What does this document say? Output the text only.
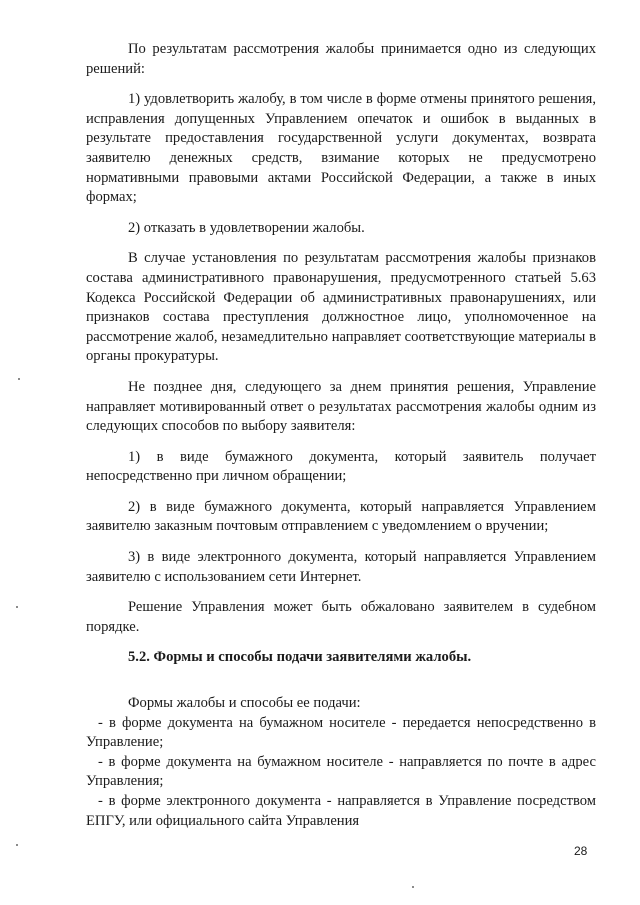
По результатам рассмотрения жалобы принимается одно из следующих решений:

1) удовлетворить жалобу, в том числе в форме отмены принятого решения, исправления допущенных Управлением опечаток и ошибок в выданных в результате предоставления государственной услуги документах, возврата заявителю денежных средств, взимание которых не предусмотрено нормативными правовыми актами Российской Федерации, а также в иных формах;

2) отказать в удовлетворении жалобы.

В случае установления по результатам рассмотрения жалобы признаков состава административного правонарушения, предусмотренного статьей 5.63 Кодекса Российской Федерации об административных правонарушениях, или признаков состава преступления должностное лицо, уполномоченное на рассмотрение жалоб, незамедлительно направляет соответствующие материалы в органы прокуратуры.

Не позднее дня, следующего за днем принятия решения, Управление направляет мотивированный ответ о результатах рассмотрения жалобы одним из следующих способов по выбору заявителя:

1) в виде бумажного документа, который заявитель получает непосредственно при личном обращении;

2) в виде бумажного документа, который направляется Управлением заявителю заказным почтовым отправлением с уведомлением о вручении;

3) в виде электронного документа, который направляется Управлением заявителю с использованием сети Интернет.

Решение Управления может быть обжаловано заявителем в судебном порядке.

5.2. Формы и способы подачи заявителями жалобы.

Формы жалобы и способы ее подачи:

- в форме документа на бумажном носителе - передается непосредственно в Управление;

- в форме документа на бумажном носителе - направляется по почте в адрес Управления;

- в форме электронного документа - направляется в Управление посредством ЕПГУ, или официального сайта Управления

28
